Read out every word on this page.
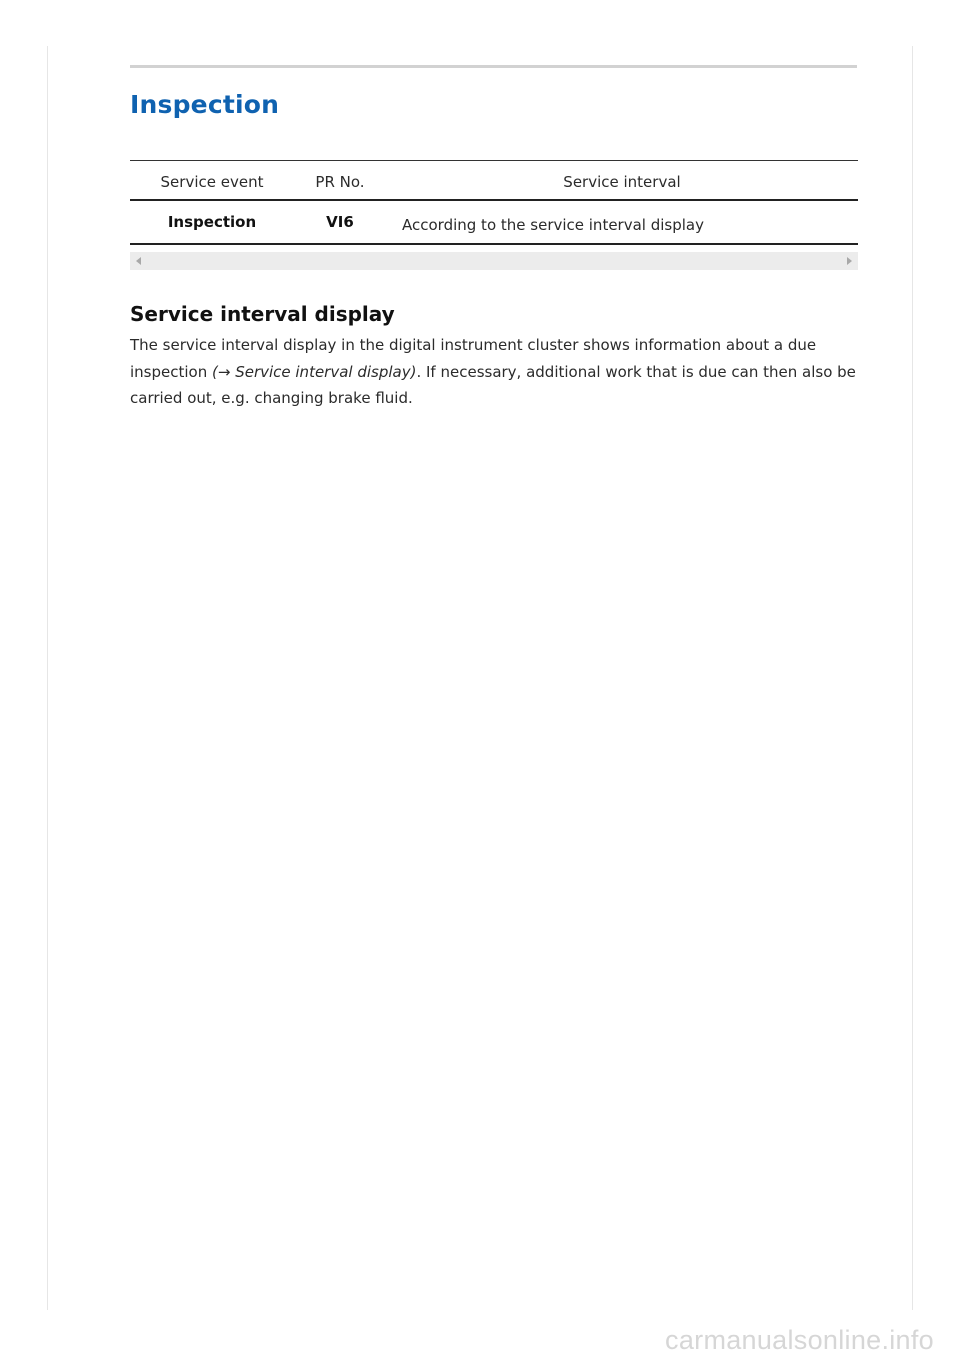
Inspection
Service event	PR No.	Service interval
Inspection	VI6	According to the service interval display
Service interval display

The service interval display in the digital instrument cluster shows information about a due inspection (→ Service interval display). If necessary, additional work that is due can then also be carried out, e.g. changing brake fluid.

carmanualsonline.info
